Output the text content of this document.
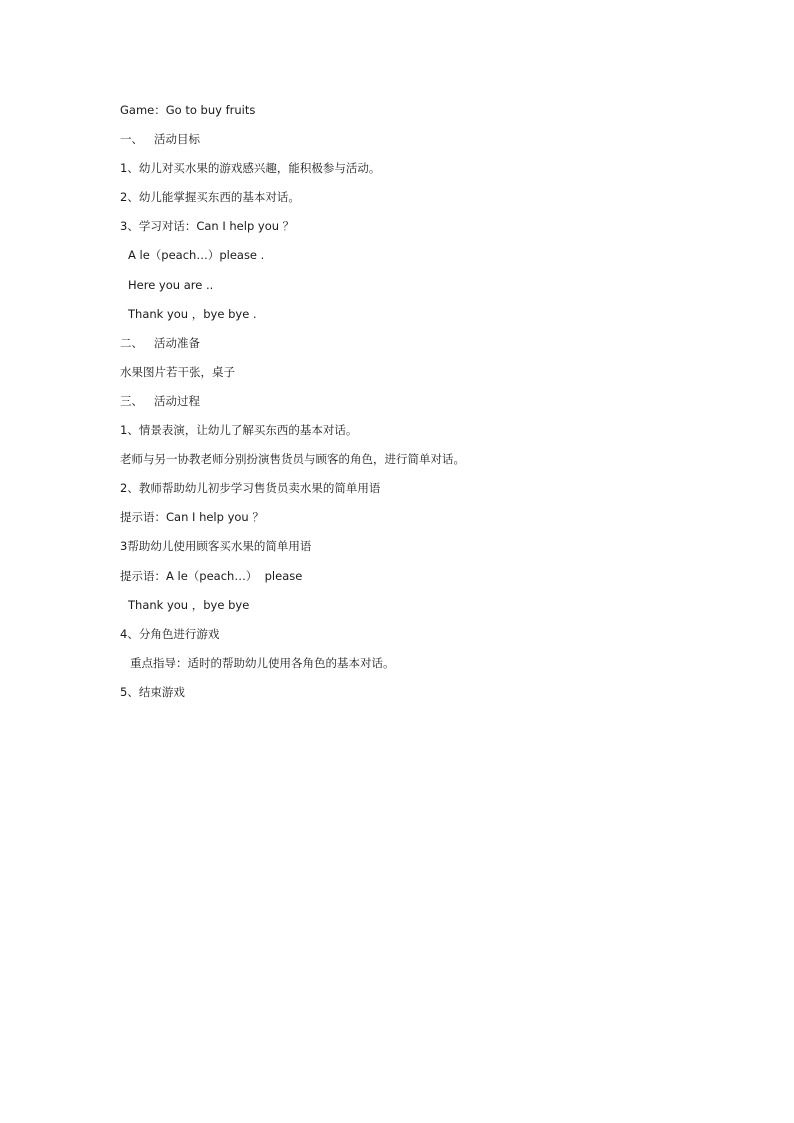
Game：Go to buy fruits
一、   活动目标
1、幼儿对买水果的游戏感兴趣，能积极参与活动。
2、幼儿能掌握买东西的基本对话。
3、学习对话：Can I help you ？
A le（peach…）please .
Here you are ..
Thank you ，bye bye .
二、   活动准备
水果图片若干张，桌子
三、   活动过程
1、情景表演，让幼儿了解买东西的基本对话。
老师与另一协教老师分别扮演售货员与顾客的角色，进行简单对话。
2、教师帮助幼儿初步学习售货员卖水果的简单用语
提示语：Can I help you ？
3帮助幼儿使用顾客买水果的简单用语
提示语：A le（peach…）  please
Thank you ，bye bye
4、分角色进行游戏
重点指导：适时的帮助幼儿使用各角色的基本对话。
5、结束游戏
